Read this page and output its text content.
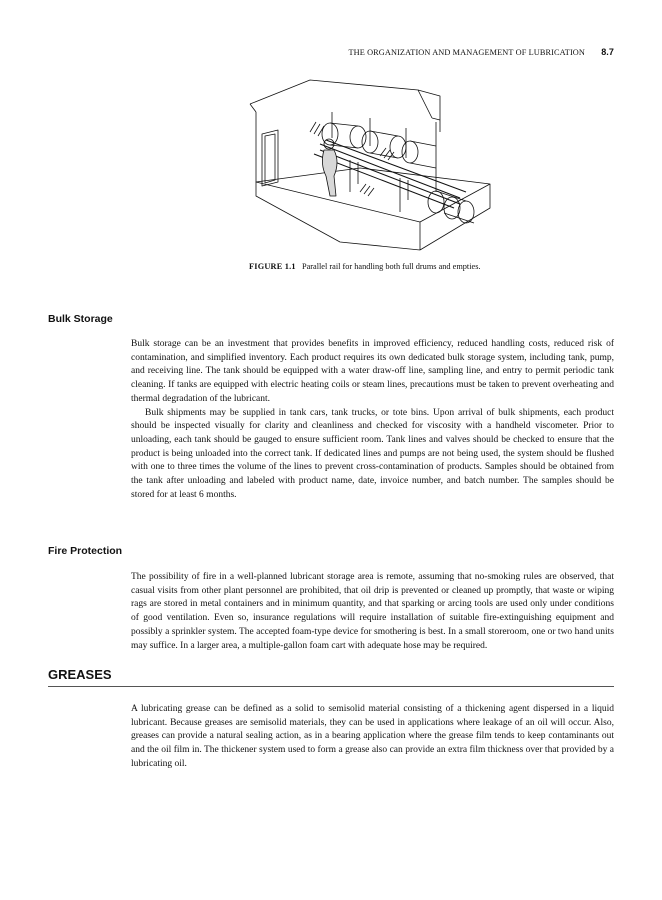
THE ORGANIZATION AND MANAGEMENT OF LUBRICATION 8.7
FIGURE 1.1 Parallel rail for handling both full drums and empties.
Bulk Storage

Bulk storage can be an investment that provides benefits in improved efficiency, reduced handling costs, reduced risk of contamination, and simplified inventory. Each product requires its own dedicated bulk storage system, including tank, pump, and receiving line. The tank should be equipped with a water draw-off line, sampling line, and entry to permit periodic tank cleaning. If tanks are equipped with electric heating coils or steam lines, precautions must be taken to prevent overheating and thermal degradation of the lubricant.

Bulk shipments may be supplied in tank cars, tank trucks, or tote bins. Upon arrival of bulk shipments, each product should be inspected visually for clarity and cleanliness and checked for viscosity with a handheld viscometer. Prior to unloading, each tank should be gauged to ensure sufficient room. Tank lines and valves should be checked to ensure that the product is being unloaded into the correct tank. If dedicated lines and pumps are not being used, the system should be flushed with one to three times the volume of the lines to prevent cross-contamination of products. Samples should be obtained from the tank after unloading and labeled with product name, date, invoice number, and batch number. The samples should be stored for at least 6 months.

Fire Protection

The possibility of fire in a well-planned lubricant storage area is remote, assuming that no-smoking rules are observed, that casual visits from other plant personnel are prohibited, that oil drip is prevented or cleaned up promptly, that waste or wiping rags are stored in metal containers and in minimum quantity, and that sparking or arcing tools are used only under conditions of good ventilation. Even so, insurance regulations will require installation of suitable fire-extinguishing equipment and possibly a sprinkler system. The accepted foam-type device for smothering is best. In a small storeroom, one or two hand units may suffice. In a larger area, a multiple-gallon foam cart with adequate hose may be required.

GREASES

A lubricating grease can be defined as a solid to semisolid material consisting of a thickening agent dispersed in a liquid lubricant. Because greases are semisolid materials, they can be used in applications where leakage of an oil will occur. Also, greases can provide a natural sealing action, as in a bearing application where the grease film tends to keep contaminants out and the oil film in. The thickener system used to form a grease also can provide an extra film thickness over that provided by a lubricating oil.
